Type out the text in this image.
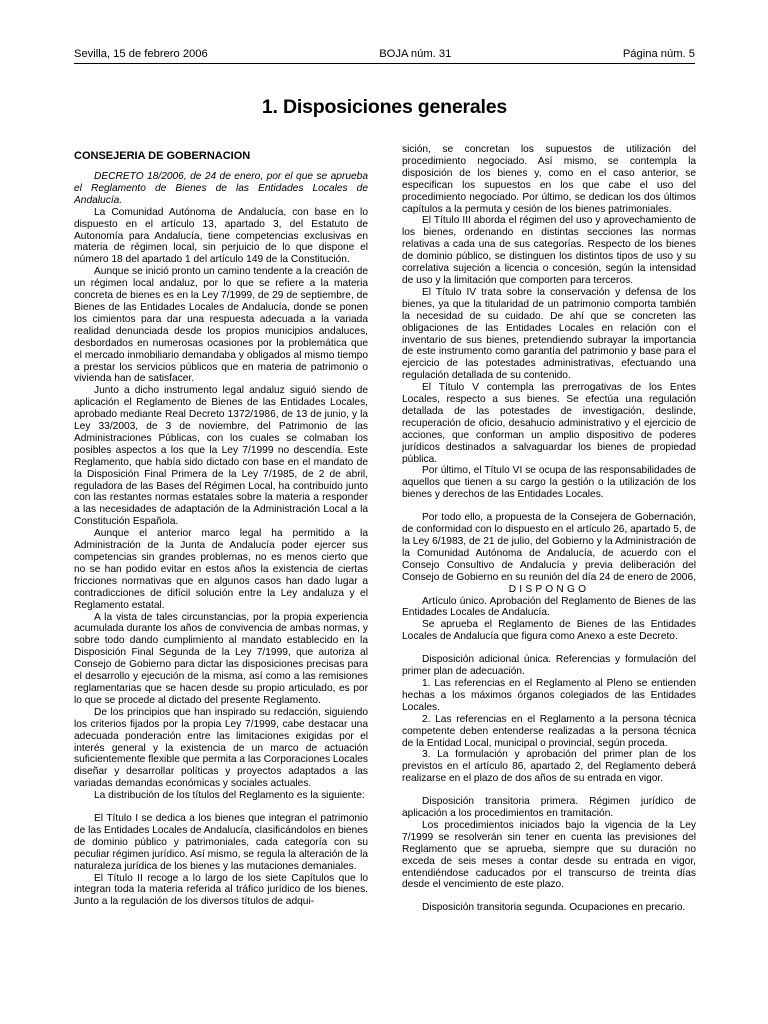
Sevilla, 15 de febrero 2006	BOJA núm. 31	Página núm. 5
1. Disposiciones generales
CONSEJERIA DE GOBERNACION

DECRETO 18/2006, de 24 de enero, por el que se aprueba el Reglamento de Bienes de las Entidades Locales de Andalucía.

La Comunidad Autónoma de Andalucía, con base en lo dispuesto en el artículo 13, apartado 3, del Estatuto de Autonomía para Andalucía, tiene competencias exclusivas en materia de régimen local, sin perjuicio de lo que dispone el número 18 del apartado 1 del artículo 149 de la Constitución.

Aunque se inició pronto un camino tendente a la creación de un régimen local andaluz, por lo que se refiere a la materia concreta de bienes es en la Ley 7/1999, de 29 de septiembre, de Bienes de las Entidades Locales de Andalucía, donde se ponen los cimientos para dar una respuesta adecuada a la variada realidad denunciada desde los propios municipios andaluces, desbordados en numerosas ocasiones por la problemática que el mercado inmobiliario demandaba y obligados al mismo tiempo a prestar los servicios públicos que en materia de patrimonio o vivienda han de satisfacer.

Junto a dicho instrumento legal andaluz siguió siendo de aplicación el Reglamento de Bienes de las Entidades Locales, aprobado mediante Real Decreto 1372/1986, de 13 de junio, y la Ley 33/2003, de 3 de noviembre, del Patrimonio de las Administraciones Públicas, con los cuales se colmaban los posibles aspectos a los que la Ley 7/1999 no descendía. Este Reglamento, que había sido dictado con base en el mandato de la Disposición Final Primera de la Ley 7/1985, de 2 de abril, reguladora de las Bases del Régimen Local, ha contribuido junto con las restantes normas estatales sobre la materia a responder a las necesidades de adaptación de la Administración Local a la Constitución Española.

Aunque el anterior marco legal ha permitido a la Administración de la Junta de Andalucía poder ejercer sus competencias sin grandes problemas, no es menos cierto que no se han podido evitar en estos años la existencia de ciertas fricciones normativas que en algunos casos han dado lugar a contradicciones de difícil solución entre la Ley andaluza y el Reglamento estatal.

A la vista de tales circunstancias, por la propia experiencia acumulada durante los años de convivencia de ambas normas, y sobre todo dando cumplimiento al mandato establecido en la Disposición Final Segunda de la Ley 7/1999, que autoriza al Consejo de Gobierno para dictar las disposiciones precisas para el desarrollo y ejecución de la misma, así como a las remisiones reglamentarias que se hacen desde su propio articulado, es por lo que se procede al dictado del presente Reglamento.

De los principios que han inspirado su redacción, siguiendo los criterios fijados por la propia Ley 7/1999, cabe destacar una adecuada ponderación entre las limitaciones exigidas por el interés general y la existencia de un marco de actuación suficientemente flexible que permita a las Corporaciones Locales diseñar y desarrollar políticas y proyectos adaptados a las variadas demandas económicas y sociales actuales.

La distribución de los títulos del Reglamento es la siguiente:

El Título I se dedica a los bienes que integran el patrimonio de las Entidades Locales de Andalucía, clasificándolos en bienes de dominio público y patrimoniales, cada categoría con su peculiar régimen jurídico. Así mismo, se regula la alteración de la naturaleza jurídica de los bienes y las mutaciones demaniales.

El Título II recoge a lo largo de los siete Capítulos que lo integran toda la materia referida al tráfico jurídico de los bienes. Junto a la regulación de los diversos títulos de adqui-

sición, se concretan los supuestos de utilización del procedimiento negociado. Así mismo, se contempla la disposición de los bienes y, como en el caso anterior, se especifican los supuestos en los que cabe el uso del procedimiento negociado. Por último, se dedican los dos últimos capítulos a la permuta y cesión de los bienes patrimoniales.

El Título III aborda el régimen del uso y aprovechamiento de los bienes, ordenando en distintas secciones las normas relativas a cada una de sus categorías. Respecto de los bienes de dominio público, se distinguen los distintos tipos de uso y su correlativa sujeción a licencia o concesión, según la intensidad de uso y la limitación que comporten para terceros.

El Título IV trata sobre la conservación y defensa de los bienes, ya que la titularidad de un patrimonio comporta también la necesidad de su cuidado. De ahí que se concreten las obligaciones de las Entidades Locales en relación con el inventario de sus bienes, pretendiendo subrayar la importancia de este instrumento como garantía del patrimonio y base para el ejercicio de las potestades administrativas, efectuando una regulación detallada de su contenido.

El Título V contempla las prerrogativas de los Entes Locales, respecto a sus bienes. Se efectúa una regulación detallada de las potestades de investigación, deslinde, recuperación de oficio, desahucio administrativo y el ejercicio de acciones, que conforman un amplio dispositivo de poderes jurídicos destinados a salvaguardar los bienes de propiedad pública.

Por último, el Título VI se ocupa de las responsabilidades de aquellos que tienen a su cargo la gestión o la utilización de los bienes y derechos de las Entidades Locales.

Por todo ello, a propuesta de la Consejera de Gobernación, de conformidad con lo dispuesto en el artículo 26, apartado 5, de la Ley 6/1983, de 21 de julio, del Gobierno y la Administración de la Comunidad Autónoma de Andalucía, de acuerdo con el Consejo Consultivo de Andalucía y previa deliberación del Consejo de Gobierno en su reunión del día 24 de enero de 2006,

DISPONGO

Artículo único. Aprobación del Reglamento de Bienes de las Entidades Locales de Andalucía.

Se aprueba el Reglamento de Bienes de las Entidades Locales de Andalucía que figura como Anexo a este Decreto.

Disposición adicional única. Referencias y formulación del primer plan de adecuación.

1. Las referencias en el Reglamento al Pleno se entienden hechas a los máximos órganos colegiados de las Entidades Locales.

2. Las referencias en el Reglamento a la persona técnica competente deben entenderse realizadas a la persona técnica de la Entidad Local, municipal o provincial, según proceda.

3. La formulación y aprobación del primer plan de los previstos en el artículo 86, apartado 2, del Reglamento deberá realizarse en el plazo de dos años de su entrada en vigor.

Disposición transitoria primera. Régimen jurídico de aplicación a los procedimientos en tramitación.

Los procedimientos iniciados bajo la vigencia de la Ley 7/1999 se resolverán sin tener en cuenta las previsiones del Reglamento que se aprueba, siempre que su duración no exceda de seis meses a contar desde su entrada en vigor, entendiéndose caducados por el transcurso de treinta días desde el vencimiento de este plazo.

Disposición transitoria segunda. Ocupaciones en precario.
